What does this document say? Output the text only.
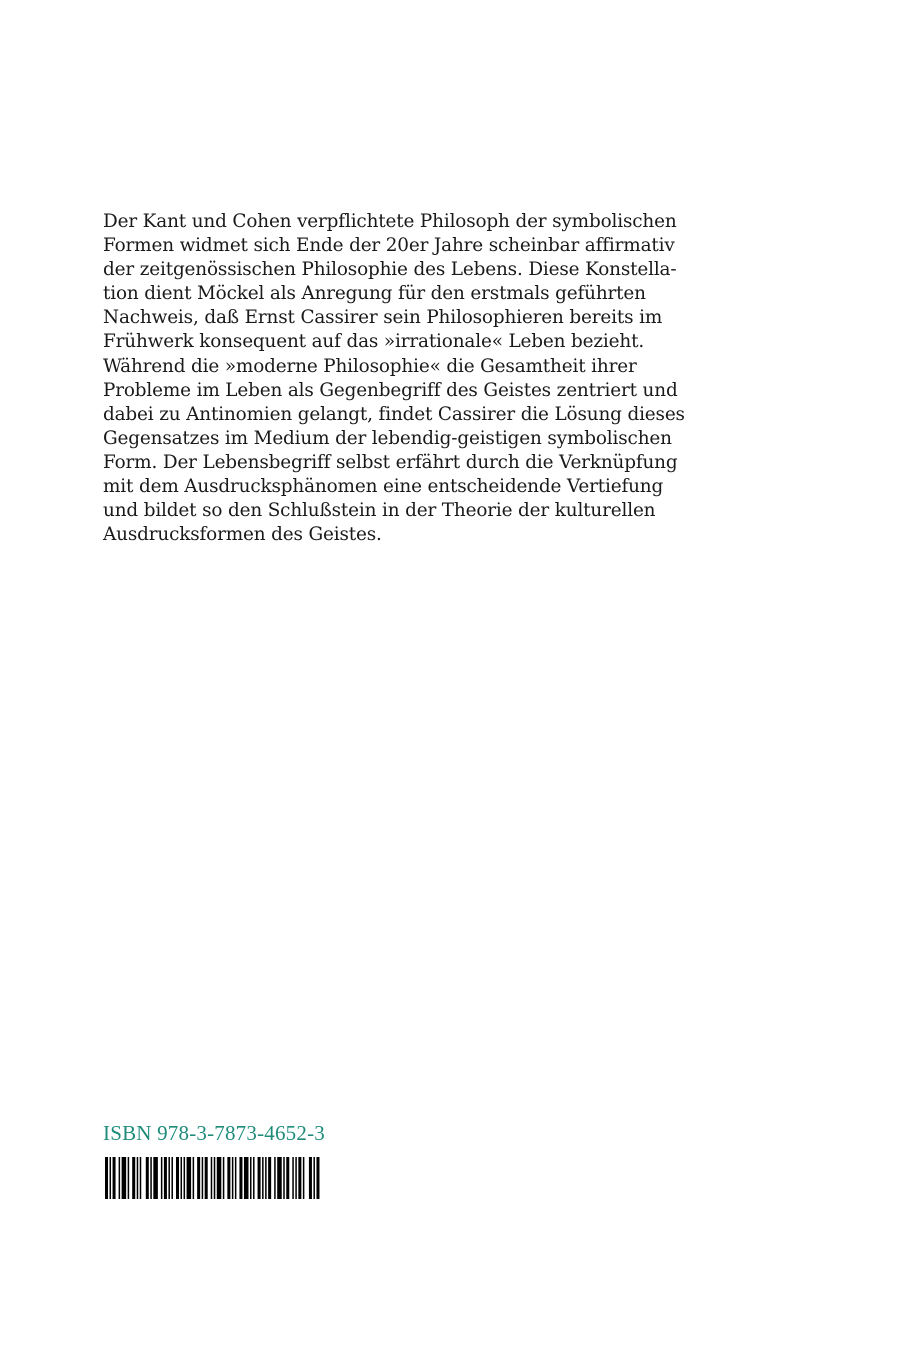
Der Kant und Cohen verpflichtete Philosoph der symbolischen
Formen widmet sich Ende der 20er Jahre scheinbar affirmativ
der zeitgenössischen Philosophie des Lebens. Diese Konstella-
tion dient Möckel als Anregung für den erstmals geführten
Nachweis, daß Ernst Cassirer sein Philosophieren bereits im
Frühwerk konsequent auf das »irrationale« Leben bezieht.
Während die »moderne Philosophie« die Gesamtheit ihrer
Probleme im Leben als Gegenbegriff des Geistes zentriert und
dabei zu Antinomien gelangt, findet Cassirer die Lösung dieses
Gegensatzes im Medium der lebendig-geistigen symbolischen
Form. Der Lebensbegriff selbst erfährt durch die Verknüpfung
mit dem Ausdrucksphänomen eine entscheidende Vertiefung
und bildet so den Schlußstein in der Theorie der kulturellen
Ausdrucksformen des Geistes.
ISBN 978-3-7873-4652-3
